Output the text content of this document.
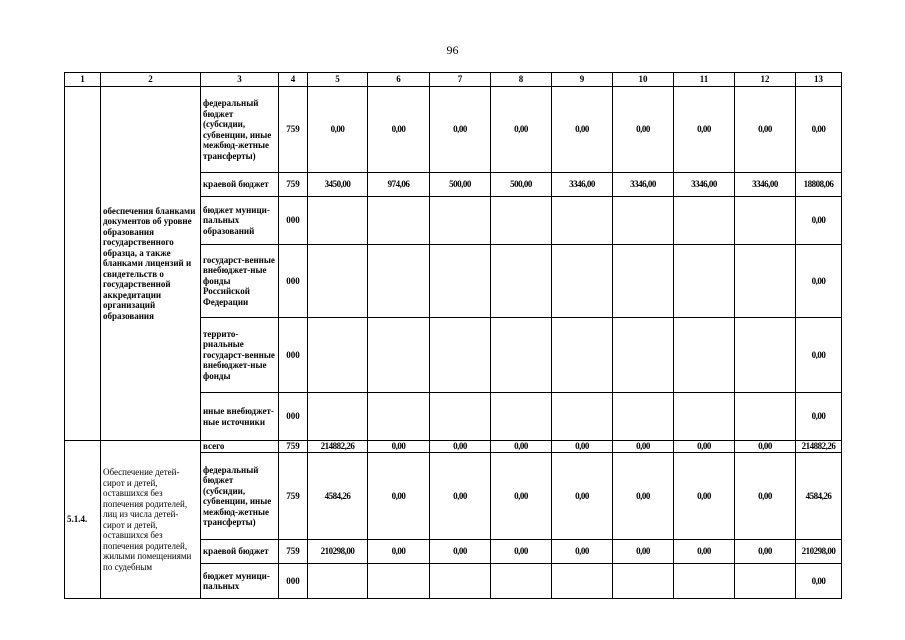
96
1	2	3	4	5	6	7	8	9	10	11	12	13
	обеспечения бланками документов об уровне образования государственного образца, а также бланками лицензий и свидетельств о государственной аккредитации организаций образования	федеральный бюджет (субсидии, субвенции, иные межбюд-жетные трансферты)	759	0,00	0,00	0,00	0,00	0,00	0,00	0,00	0,00	0,00
		краевой бюджет	759	3450,00	974,06	500,00	500,00	3346,00	3346,00	3346,00	3346,00	18808,06
		бюджет муници-пальных образований	000									0,00
		государст-венные внебюджет-ные фонды Российской Федерации	000									0,00
		террито-риальные государст-венные внебюджет-ные фонды	000									0,00
		иные внебюджет-ные источники	000									0,00
5.1.4.	Обеспечение детей-сирот и детей, оставшихся без попечения родителей, лиц из числа детей-сирот и детей, оставшихся без попечения родителей, жилыми помещениями по судебным	всего	759	214882,26	0,00	0,00	0,00	0,00	0,00	0,00	0,00	214882,26
		федеральный бюджет (субсидии, субвенции, иные межбюд-жетные трансферты)	759	4584,26	0,00	0,00	0,00	0,00	0,00	0,00	0,00	4584,26
		краевой бюджет	759	210298,00	0,00	0,00	0,00	0,00	0,00	0,00	0,00	210298,00
		бюджет муници-пальных	000									0,00
